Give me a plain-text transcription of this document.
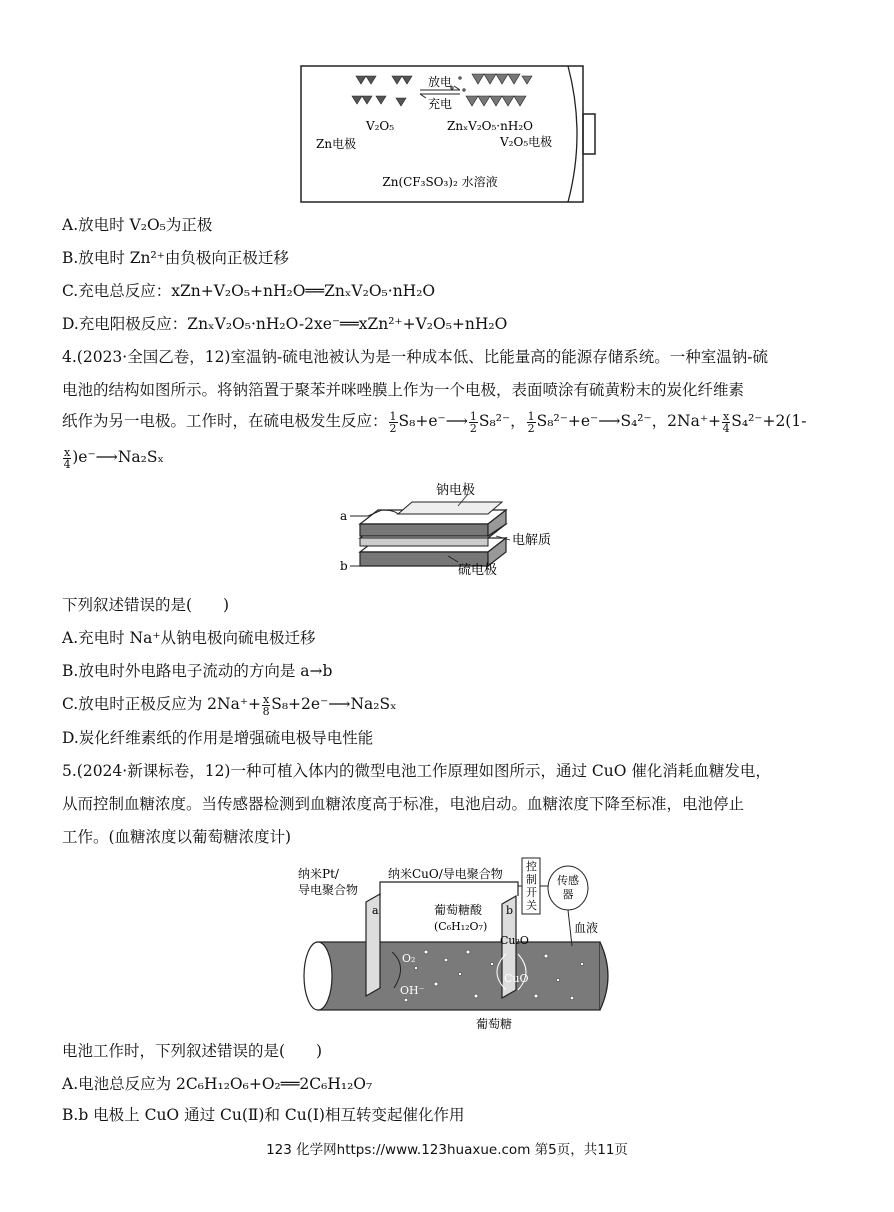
放电
充电
V₂O₅	ZnₓV₂O₅·nH₂O
Zn电极	V₂O₅电极
Zn(CF₃SO₃)₂ 水溶液
A.放电时 V₂O₅为正极
B.放电时 Zn²⁺由负极向正极迁移
C.充电总反应：xZn+V₂O₅+nH₂O══ZnₓV₂O₅·nH₂O
D.充电阳极反应：ZnₓV₂O₅·nH₂O-2xe⁻══xZn²⁺+V₂O₅+nH₂O
4.(2023·全国乙卷，12)室温钠-硫电池被认为是一种成本低、比能量高的能源存储系统。一种室温钠-硫
电池的结构如图所示。将钠箔置于聚苯并咪唑膜上作为一个电极，表面喷涂有硫黄粉末的炭化纤维素
纸作为另一电极。工作时，在硫电极发生反应： $\frac{1}{2}$ S₈+e⁻⟶ $\frac{1}{2} S_8^{2-}$， $\frac{1}{2}$ S₈²⁻+e⁻⟶S₄²⁻，$2Na^++ \frac{x}{4} S_4^{2-}+2(1-$
$\frac{x}{4}$ )e⁻⟶Na₂Sₓ
a
b
钠电极
电解质
硫电极
下列叙述错误的是(　　)
A.充电时 Na⁺从钠电极向硫电极迁移
B.放电时外电路电子流动的方向是 a→b
C.放电时正极反应为 $2Na^++ \frac{x}{8}$ S₈+2e⁻⟶Na₂Sₓ
D.炭化纤维素纸的作用是增强硫电极导电性能
5.(2024·新课标卷，12)一种可植入体内的微型电池工作原理如图所示，通过 CuO 催化消耗血糖发电，
从而控制血糖浓度。当传感器检测到血糖浓度高于标准，电池启动。血糖浓度下降至标准，电池停止
工作。(血糖浓度以葡萄糖浓度计)
纳米Pt/
导电聚合物
a
纳米CuO/导电聚合物
控
制
开
关
传感
器
葡萄糖酸
(C₆H₁₂O₇)
b
血液
O₂
OH⁻
Cu₂O
CuO
葡萄糖
电池工作时，下列叙述错误的是(　　)
A.电池总反应为 2C₆H₁₂O₆+O₂══2C₆H₁₂O₇
B.b 电极上 CuO 通过 Cu(Ⅱ)和 Cu(Ⅰ)相互转变起催化作用
123 化学网https://www.123huaxue.com 第5页，共11页
